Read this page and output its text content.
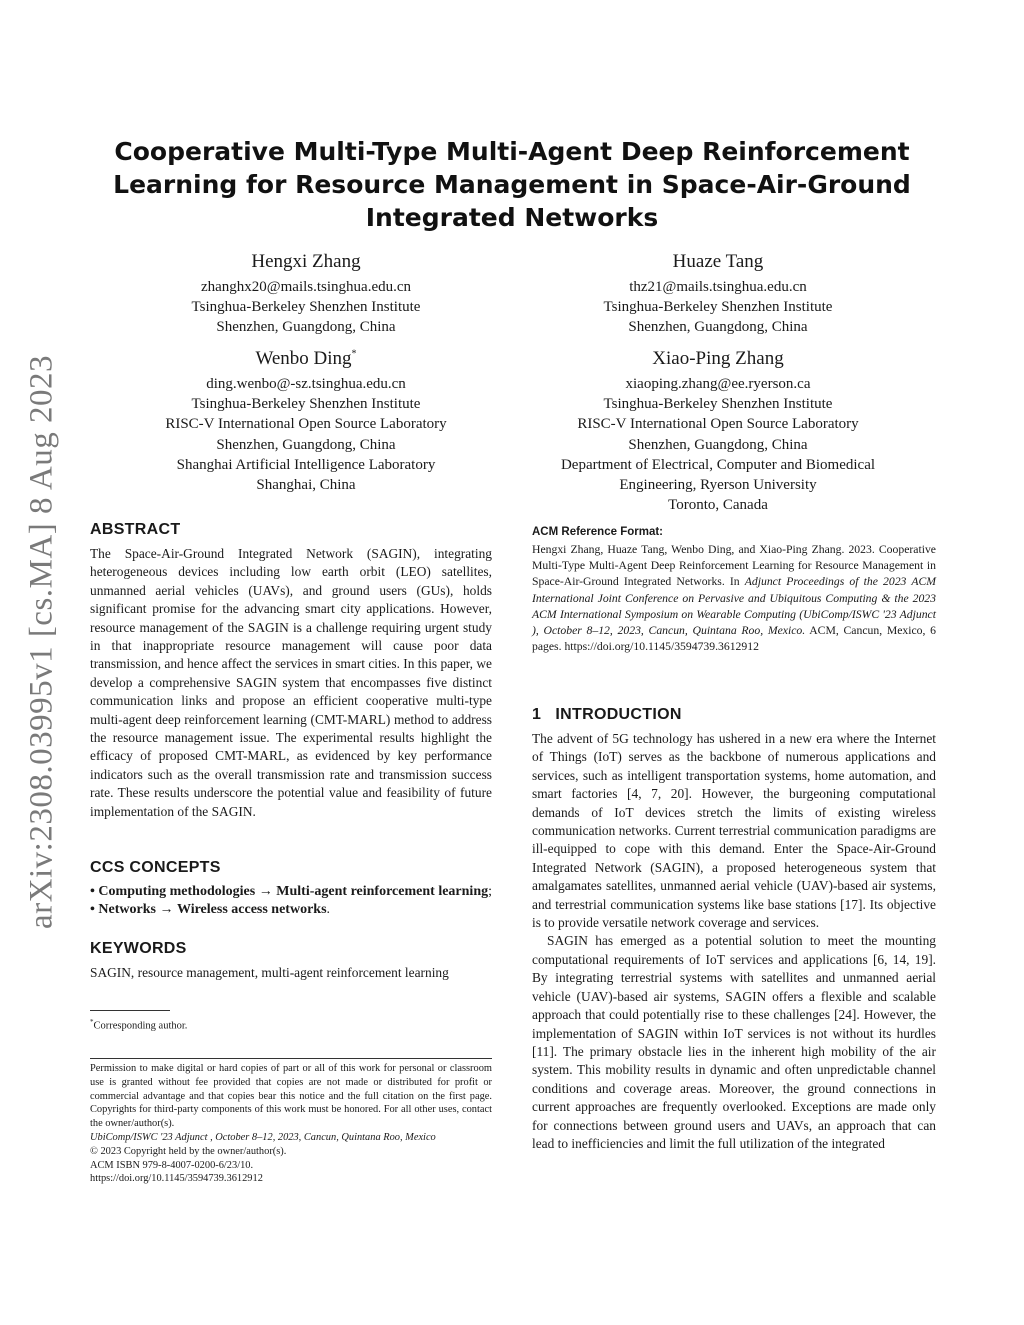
arXiv:2308.03995v1 [cs.MA] 8 Aug 2023
Cooperative Multi-Type Multi-Agent Deep Reinforcement Learning for Resource Management in Space-Air-Ground Integrated Networks
Hengxi Zhang
zhanghx20@mails.tsinghua.edu.cn
Tsinghua-Berkeley Shenzhen Institute
Shenzhen, Guangdong, China
Huaze Tang
thz21@mails.tsinghua.edu.cn
Tsinghua-Berkeley Shenzhen Institute
Shenzhen, Guangdong, China
Wenbo Ding*
ding.wenbo@-sz.tsinghua.edu.cn
Tsinghua-Berkeley Shenzhen Institute
RISC-V International Open Source Laboratory
Shenzhen, Guangdong, China
Shanghai Artificial Intelligence Laboratory
Shanghai, China
Xiao-Ping Zhang
xiaoping.zhang@ee.ryerson.ca
Tsinghua-Berkeley Shenzhen Institute
RISC-V International Open Source Laboratory
Shenzhen, Guangdong, China
Department of Electrical, Computer and Biomedical
Engineering, Ryerson University
Toronto, Canada
ABSTRACT

The Space-Air-Ground Integrated Network (SAGIN), integrating heterogeneous devices including low earth orbit (LEO) satellites, unmanned aerial vehicles (UAVs), and ground users (GUs), holds significant promise for the advancing smart city applications. However, resource management of the SAGIN is a challenge requiring urgent study in that inappropriate resource management will cause poor data transmission, and hence affect the services in smart cities. In this paper, we develop a comprehensive SAGIN system that encompasses five distinct communication links and propose an efficient cooperative multi-type multi-agent deep reinforcement learning (CMT-MARL) method to address the resource management issue. The experimental results highlight the efficacy of proposed CMT-MARL, as evidenced by key performance indicators such as the overall transmission rate and transmission success rate. These results underscore the potential value and feasibility of future implementation of the SAGIN.

CCS CONCEPTS

• Computing methodologies → Multi-agent reinforcement learning; • Networks → Wireless access networks.

KEYWORDS

SAGIN, resource management, multi-agent reinforcement learning

*Corresponding author.

Permission to make digital or hard copies of part or all of this work for personal or classroom use is granted without fee provided that copies are not made or distributed for profit or commercial advantage and that copies bear this notice and the full citation on the first page. Copyrights for third-party components of this work must be honored. For all other uses, contact the owner/author(s).

UbiComp/ISWC '23 Adjunct , October 8–12, 2023, Cancun, Quintana Roo, Mexico

© 2023 Copyright held by the owner/author(s).

ACM ISBN 979-8-4007-0200-6/23/10.

https://doi.org/10.1145/3594739.3612912

ACM Reference Format:

Hengxi Zhang, Huaze Tang, Wenbo Ding, and Xiao-Ping Zhang. 2023. Cooperative Multi-Type Multi-Agent Deep Reinforcement Learning for Resource Management in Space-Air-Ground Integrated Networks. In Adjunct Proceedings of the 2023 ACM International Joint Conference on Pervasive and Ubiquitous Computing & the 2023 ACM International Symposium on Wearable Computing (UbiComp/ISWC '23 Adjunct ), October 8–12, 2023, Cancun, Quintana Roo, Mexico. ACM, Cancun, Mexico, 6 pages. https://doi.org/10.1145/3594739.3612912

1   INTRODUCTION

The advent of 5G technology has ushered in a new era where the Internet of Things (IoT) serves as the backbone of numerous applications and services, such as intelligent transportation systems, home automation, and smart factories [4, 7, 20]. However, the burgeoning computational demands of IoT devices stretch the limits of existing wireless communication networks. Current terrestrial communication paradigms are ill-equipped to cope with this demand. Enter the Space-Air-Ground Integrated Network (SAGIN), a proposed heterogeneous system that amalgamates satellites, unmanned aerial vehicle (UAV)-based air systems, and terrestrial communication systems like base stations [17]. Its objective is to provide versatile network coverage and services.

SAGIN has emerged as a potential solution to meet the mounting computational requirements of IoT services and applications [6, 14, 19]. By integrating terrestrial systems with satellites and unmanned aerial vehicle (UAV)-based air systems, SAGIN offers a flexible and scalable approach that could potentially rise to these challenges [24]. However, the implementation of SAGIN within IoT services is not without its hurdles [11]. The primary obstacle lies in the inherent high mobility of the air system. This mobility results in dynamic and often unpredictable channel conditions and coverage areas. Moreover, the ground connections in current approaches are frequently overlooked. Exceptions are made only for connections between ground users and UAVs, an approach that can lead to inefficiencies and limit the full utilization of the integrated
